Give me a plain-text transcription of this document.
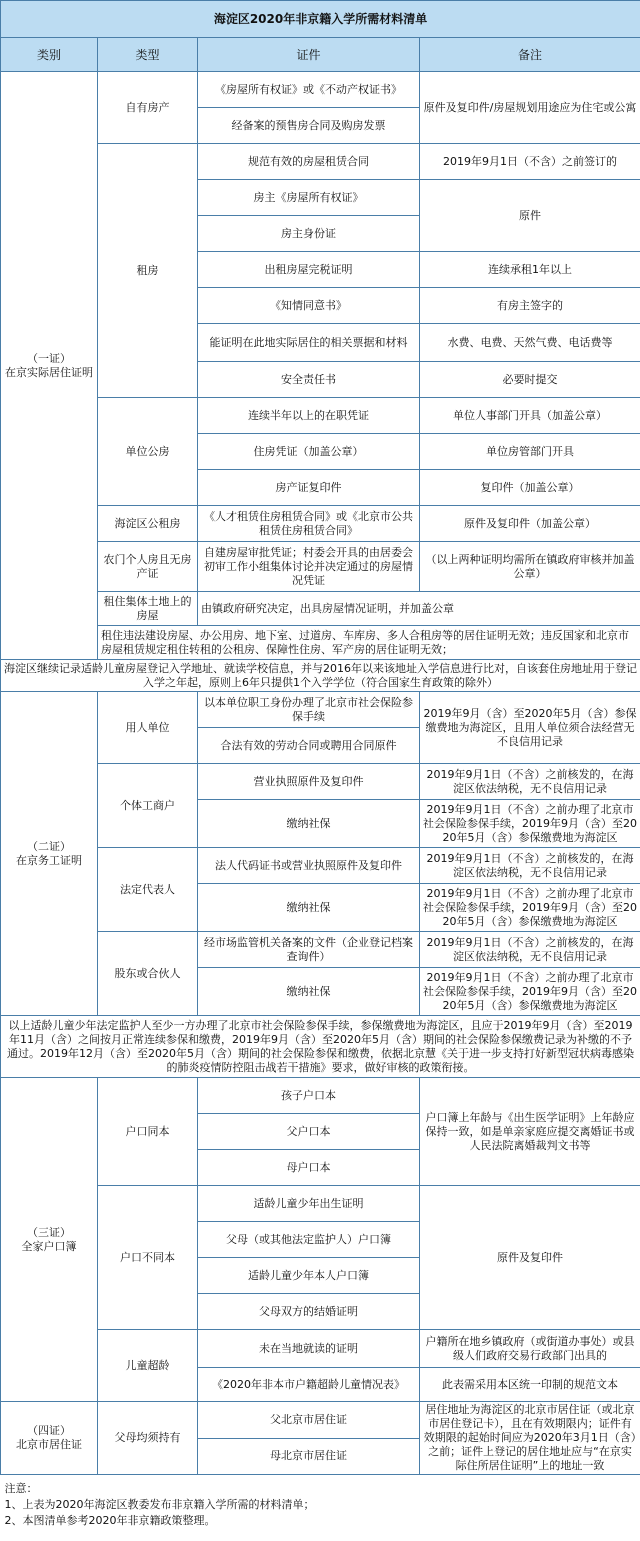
海淀区2020年非京籍入学所需材料清单			
类别	类型	证件	备注

（一证）
在京实际居住证明	自有房产	《房屋所有权证》或《不动产权证书》	原件及复印件/房屋规划用途应为住宅或公寓
		经备案的预售房合同及购房发票	
	租房	规范有效的房屋租赁合同	2019年9月1日（不含）之前签订的
		房主《房屋所有权证》	原件
		房主身份证	
		出租房屋完税证明	连续承租1年以上
		《知情同意书》	有房主签字的
		能证明在此地实际居住的相关票据和材料	水费、电费、天然气费、电话费等
		安全责任书	必要时提交
	单位公房	连续半年以上的在职凭证	单位人事部门开具（加盖公章）
		住房凭证（加盖公章）	单位房管部门开具
		房产证复印件	复印件（加盖公章）
	海淀区公租房	《人才租赁住房租赁合同》或《北京市公共租赁住房租赁合同》	原件及复印件（加盖公章）
	农门个人房且无房产证	自建房屋审批凭证；村委会开具的由居委会初审工作小组集体讨论并决定通过的房屋情况凭证	（以上两种证明均需所在镇政府审核并加盖公章）
	租住集体土地上的房屋	由镇政府研究决定，出具房屋情况证明，并加盖公章	
	租住违法建设房屋、办公用房、地下室、过道房、车库房、多人合租房等的居住证明无效；违反国家和北京市房屋租赁规定租住转租的公租房、保障性住房、军产房的居住证明无效；		
海淀区继续记录适龄儿童房屋登记入学地址、就读学校信息，并与2016年以来该地址入学信息进行比对，自该套住房地址用于登记入学之年起，原则上6年只提供1个入学学位（符合国家生育政策的除外）			

（二证）
在京务工证明	用人单位	以本单位职工身份办理了北京市社会保险参保手续	2019年9月（含）至2020年5月（含）参保缴费地为海淀区，且用人单位须合法经营无不良信用记录
		合法有效的劳动合同或聘用合同原件	
	个体工商户	营业执照原件及复印件	2019年9月1日（不含）之前核发的，在海淀区依法纳税，无不良信用记录
		缴纳社保	2019年9月1日（不含）之前办理了北京市社会保险参保手续，2019年9月（含）至2020年5月（含）参保缴费地为海淀区
	法定代表人	法人代码证书或营业执照原件及复印件	2019年9月1日（不含）之前核发的，在海淀区依法纳税，无不良信用记录
		缴纳社保	2019年9月1日（不含）之前办理了北京市社会保险参保手续，2019年9月（含）至2020年5月（含）参保缴费地为海淀区
	股东或合伙人	经市场监管机关备案的文件（企业登记档案查询件）	2019年9月1日（不含）之前核发的，在海淀区依法纳税，无不良信用记录
		缴纳社保	2019年9月1日（不含）之前办理了北京市社会保险参保手续，2019年9月（含）至2020年5月（含）参保缴费地为海淀区
以上适龄儿童少年法定监护人至少一方办理了北京市社会保险参保手续，参保缴费地为海淀区，且应于2019年9月（含）至2019年11月（含）之间按月正常连续参保和缴费，2019年9月（含）至2020年5月（含）期间的社会保险参保缴费记录为补缴的不予通过。2019年12月（含）至2020年5月（含）期间的社会保险参保和缴费，依据北京慧《关于进一步支持打好新型冠状病毒感染的肺炎疫情防控阻击战若干措施》要求，做好审核的政策衔接。			

（三证）
全家户口簿	户口同本	孩子户口本	户口簿上年龄与《出生医学证明》上年龄应保持一致，如是单亲家庭应提交离婚证书或人民法院离婚裁判文书等
		父户口本	
		母户口本	
	户口不同本	适龄儿童少年出生证明	原件及复印件
		父母（或其他法定监护人）户口簿	
		适龄儿童少年本人户口簿	
		父母双方的结婚证明	
	儿童超龄	未在当地就读的证明	户籍所在地乡镇政府（或街道办事处）或县级人们政府交易行政部门出具的
		《2020年非本市户籍超龄儿童情况表》	此表需采用本区统一印制的规范文本

（四证）
北京市居住证	父母均须持有	父北京市居住证	居住地址为海淀区的北京市居住证（或北京市居住登记卡），且在有效期限内；证件有效期限的起始时间应为2020年3月1日（含）之前；证件上登记的居住地址应与“在京实际住所居住证明”上的地址一致
		母北京市居住证	

注意：
1、上表为2020年海淀区教委发布非京籍入学所需的材料清单；
2、本图清单参考2020年非京籍政策整理。			
